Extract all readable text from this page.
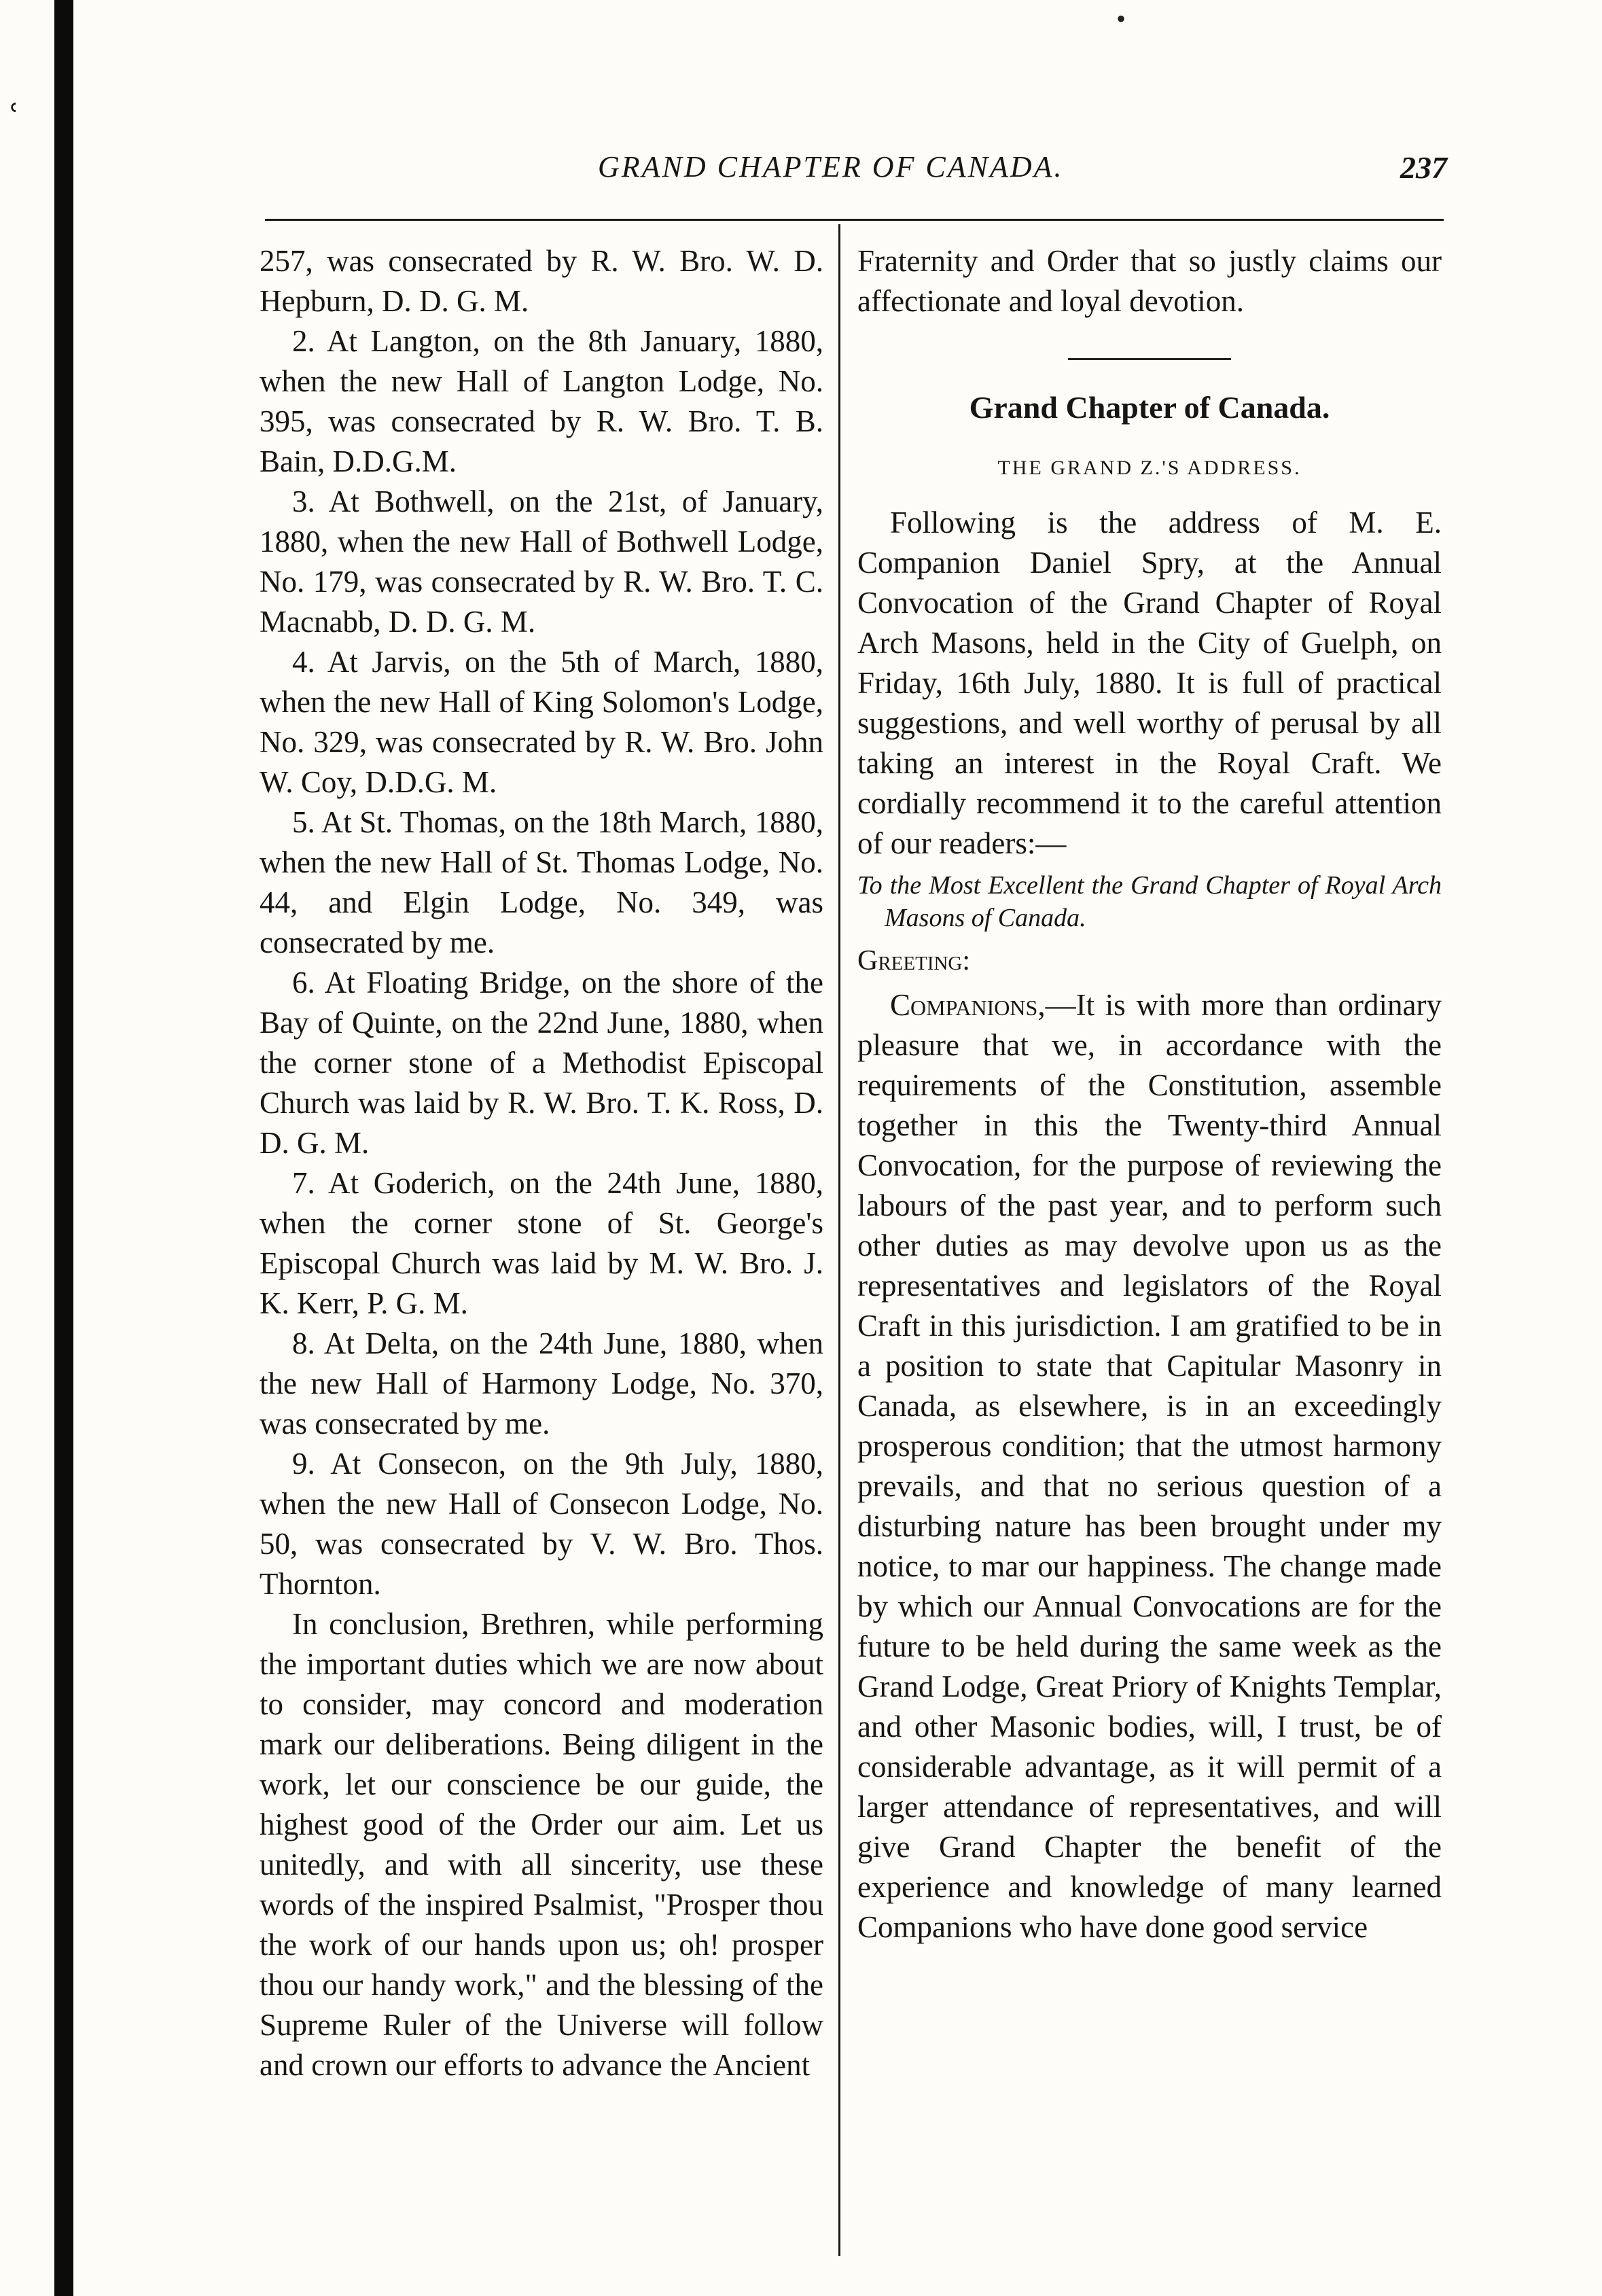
ʿ
•
GRAND CHAPTER OF CANADA.	237

257, was consecrated by R. W. Bro. W. D. Hepburn, D. D. G. M.

2. At Langton, on the 8th January, 1880, when the new Hall of Langton Lodge, No. 395, was consecrated by R. W. Bro. T. B. Bain, D.D.G.M.

3. At Bothwell, on the 21st, of January, 1880, when the new Hall of Bothwell Lodge, No. 179, was consecrated by R. W. Bro. T. C. Macnabb, D. D. G. M.

4. At Jarvis, on the 5th of March, 1880, when the new Hall of King Solomon's Lodge, No. 329, was consecrated by R. W. Bro. John W. Coy, D.D.G. M.

5. At St. Thomas, on the 18th March, 1880, when the new Hall of St. Thomas Lodge, No. 44, and Elgin Lodge, No. 349, was consecrated by me.

6. At Floating Bridge, on the shore of the Bay of Quinte, on the 22nd June, 1880, when the corner stone of a Methodist Episcopal Church was laid by R. W. Bro. T. K. Ross, D. D. G. M.

7. At Goderich, on the 24th June, 1880, when the corner stone of St. George's Episcopal Church was laid by M. W. Bro. J. K. Kerr, P. G. M.

8. At Delta, on the 24th June, 1880, when the new Hall of Harmony Lodge, No. 370, was consecrated by me.

9. At Consecon, on the 9th July, 1880, when the new Hall of Consecon Lodge, No. 50, was consecrated by V. W. Bro. Thos. Thornton.

In conclusion, Brethren, while performing the important duties which we are now about to consider, may concord and moderation mark our deliberations. Being diligent in the work, let our conscience be our guide, the highest good of the Order our aim. Let us unitedly, and with all sincerity, use these words of the inspired Psalmist, "Prosper thou the work of our hands upon us; oh! prosper thou our handy work," and the blessing of the Supreme Ruler of the Universe will follow and crown our efforts to advance the Ancient

Fraternity and Order that so justly claims our affectionate and loyal devotion.

Grand Chapter of Canada.
THE GRAND Z.'S ADDRESS.

Following is the address of M. E. Companion Daniel Spry, at the Annual Convocation of the Grand Chapter of Royal Arch Masons, held in the City of Guelph, on Friday, 16th July, 1880. It is full of practical suggestions, and well worthy of perusal by all taking an interest in the Royal Craft. We cordially recommend it to the careful attention of our readers:—

To the Most Excellent the Grand Chapter of Royal Arch Masons of Canada.

Greeting:

Companions,—It is with more than ordinary pleasure that we, in accordance with the requirements of the Constitution, assemble together in this the Twenty-third Annual Convocation, for the purpose of reviewing the labours of the past year, and to perform such other duties as may devolve upon us as the representatives and legislators of the Royal Craft in this jurisdiction. I am gratified to be in a position to state that Capitular Masonry in Canada, as elsewhere, is in an exceedingly prosperous condition; that the utmost harmony prevails, and that no serious question of a disturbing nature has been brought under my notice, to mar our happiness. The change made by which our Annual Convocations are for the future to be held during the same week as the Grand Lodge, Great Priory of Knights Templar, and other Masonic bodies, will, I trust, be of considerable advantage, as it will permit of a larger attendance of representatives, and will give Grand Chapter the benefit of the experience and knowledge of many learned Companions who have done good service
